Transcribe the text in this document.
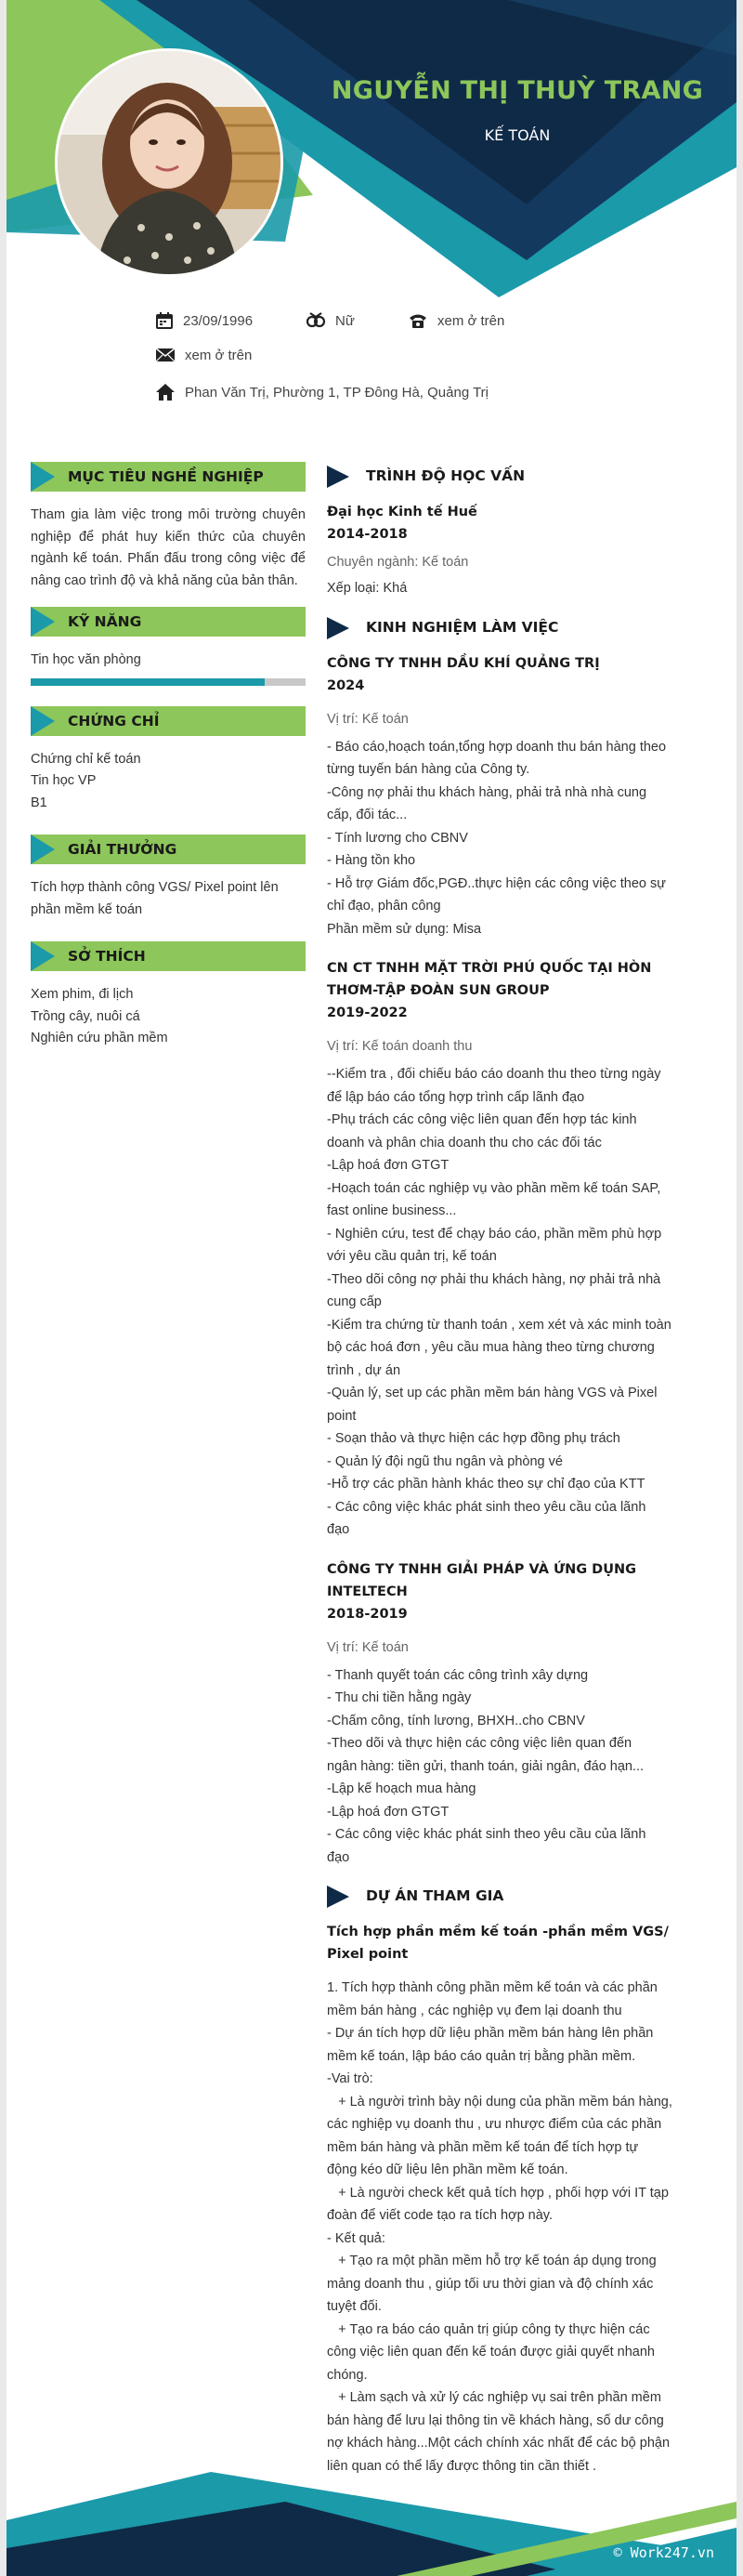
NGUYỄN THỊ THUỲ TRANG
KẾ TOÁN
23/09/1996	Nữ	xem ở trên
xem ở trên
Phan Văn Trị, Phường 1, TP Đông Hà, Quảng Trị
MỤC TIÊU NGHỀ NGHIỆP
Tham gia làm việc trong môi trường chuyên nghiệp để phát huy kiến thức của chuyên ngành kế toán. Phấn đấu trong công việc để nâng cao trình độ và khả năng của bản thân.
KỸ NĂNG
Tin học văn phòng
CHỨNG CHỈ
Chứng chỉ kế toán
Tin học VP
B1
GIẢI THƯỞNG
Tích hợp thành công VGS/ Pixel point lên phần mềm kế toán
SỞ THÍCH
Xem phim, đi lịch
Trồng cây, nuôi cá
Nghiên cứu phần mềm
TRÌNH ĐỘ HỌC VẤN
Đại học Kinh tế Huế
2014-2018
Chuyên ngành: Kế toán
Xếp loại: Khá
KINH NGHIỆM LÀM VIỆC
CÔNG TY TNHH DẦU KHÍ QUẢNG TRỊ
2024
Vị trí: Kế toán
- Báo cáo,hoạch toán,tổng hợp doanh thu bán hàng theo
từng tuyến bán hàng của Công ty.
-Công nợ phải thu khách hàng, phải trả nhà nhà cung
cấp, đối tác...
- Tính lương cho CBNV
- Hàng tồn kho
- Hỗ trợ Giám đốc,PGĐ..thực hiện các công việc theo sự
chỉ đạo, phân công
Phần mềm sử dụng: Misa
CN CT TNHH MẶT TRỜI PHÚ QUỐC TẠI HÒN THƠM-TẬP ĐOÀN SUN GROUP
2019-2022
Vị trí: Kế toán doanh thu
--Kiểm tra , đối chiếu báo cáo doanh thu theo từng ngày
để lập báo cáo tổng hợp trình cấp lãnh đạo
-Phụ trách các công việc liên quan đến hợp tác kinh
doanh và phân chia doanh thu cho các đối tác
-Lập hoá đơn GTGT
-Hoạch toán các nghiệp vụ vào phần mềm kế toán SAP,
fast online business...
- Nghiên cứu, test để chạy báo cáo, phần mềm phù hợp
với yêu cầu quản trị, kế toán
-Theo dõi công nợ phải thu khách hàng, nợ phải trả nhà
cung cấp
-Kiểm tra chứng từ thanh toán , xem xét và xác minh toàn
bộ các hoá đơn , yêu cầu mua hàng theo từng chương
trình , dự án
-Quản lý, set up các phần mềm bán hàng VGS và Pixel
point
- Soạn thảo và thực hiện các hợp đồng phụ trách
- Quản lý đội ngũ thu ngân và phòng vé
-Hỗ trợ các phần hành khác theo sự chỉ đạo của KTT
- Các công việc khác phát sinh theo yêu cầu của lãnh
đạo
CÔNG TY TNHH GIẢI PHÁP VÀ ỨNG DỤNG INTELTECH
2018-2019
Vị trí: Kế toán
- Thanh quyết toán các công trình xây dựng
- Thu chi tiền hằng ngày
-Chấm công, tính lương, BHXH..cho CBNV
-Theo dõi và thực hiện các công việc liên quan đến
ngân hàng: tiền gửi, thanh toán, giải ngân, đáo hạn...
-Lập kế hoạch mua hàng
-Lập hoá đơn GTGT
- Các công việc khác phát sinh theo yêu cầu của lãnh
đạo
DỰ ÁN THAM GIA
Tích hợp phần mềm kế toán -phần mềm VGS/ Pixel point
1. Tích hợp thành công phần mềm kế toán và các phần
mềm bán hàng , các nghiệp vụ đem lại doanh thu
- Dự án tích hợp dữ liệu phần mềm bán hàng lên phần
mềm kế toán, lập báo cáo quản trị bằng phần mềm.
-Vai trò:
+ Là người trình bày nội dung của phần mềm bán hàng,
các nghiệp vụ doanh thu , ưu nhược điểm của các phần
mềm bán hàng và phần mềm kế toán để tích hợp tự
động kéo dữ liệu lên phần mềm kế toán.
+ Là người check kết quả tích hợp , phối hợp với IT tạp
đoàn để viết code tạo ra tích hợp này.
- Kết quả:
+ Tạo ra một phần mềm hỗ trợ kế toán áp dụng trong
mảng doanh thu , giúp tối ưu thời gian và độ chính xác
tuyệt đối.
+ Tạo ra báo cáo quản trị giúp công ty thực hiện các
công việc liên quan đến kế toán được giải quyết nhanh
chóng.
+ Làm sạch và xử lý các nghiệp vụ sai trên phần mềm
bán hàng để lưu lại thông tin về khách hàng, số dư công
nợ khách hàng...Một cách chính xác nhất để các bộ phận
liên quan có thể lấy được thông tin cần thiết .
© Work247.vn
